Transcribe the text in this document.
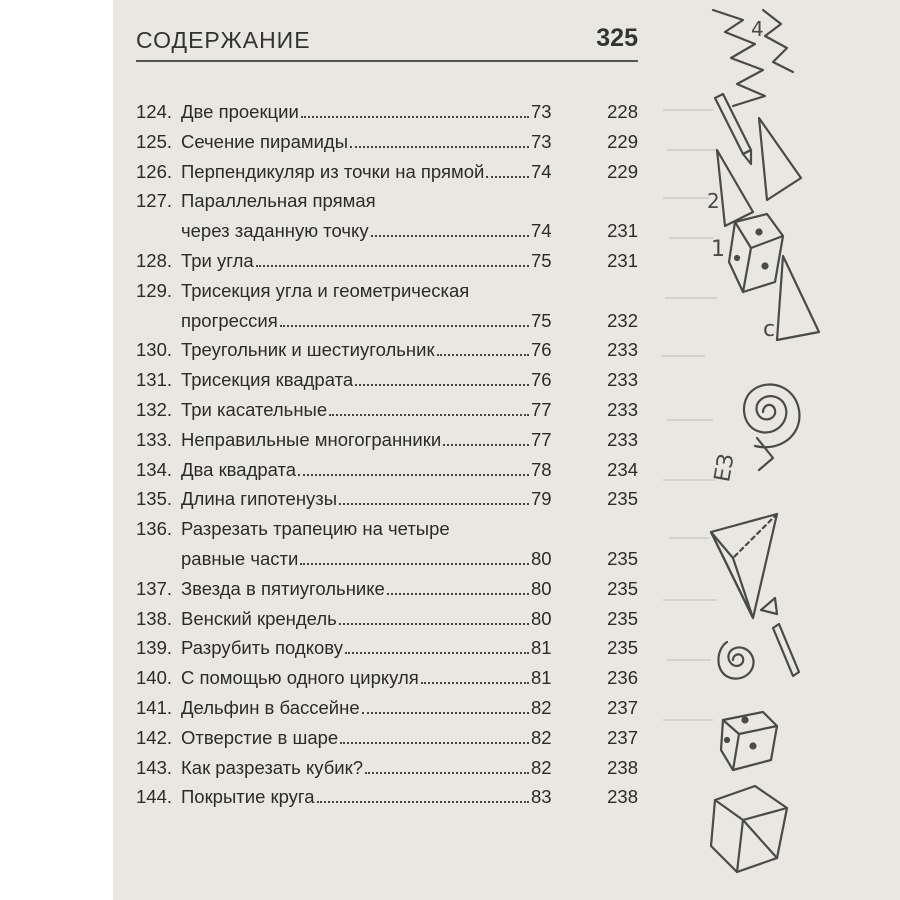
СОДЕРЖАНИЕ	325
124. Две проекции	73	228
125. Сечение пирамиды	73	229
126. Перпендикуляр из точки на прямой	74	229
127. Параллельная прямая
через заданную точку	74	231
128. Три угла	75	231
129. Трисекция угла и геометрическая
прогрессия	75	232
130. Треугольник и шестиугольник	76	233
131. Трисекция квадрата	76	233
132. Три касательные	77	233
133. Неправильные многогранники	77	233
134. Два квадрата	78	234
135. Длина гипотенузы	79	235
136. Разрезать трапецию на четыре
равные части	80	235
137. Звезда в пятиугольнике	80	235
138. Венский крендель	80	235
139. Разрубить подкову	81	235
140. С помощью одного циркуля	81	236
141. Дельфин в бассейне	82	237
142. Отверстие в шаре	82	237
143. Как разрезать кубик?	82	238
144. Покрытие круга	83	238
4
2
1
с
ЕЗ
